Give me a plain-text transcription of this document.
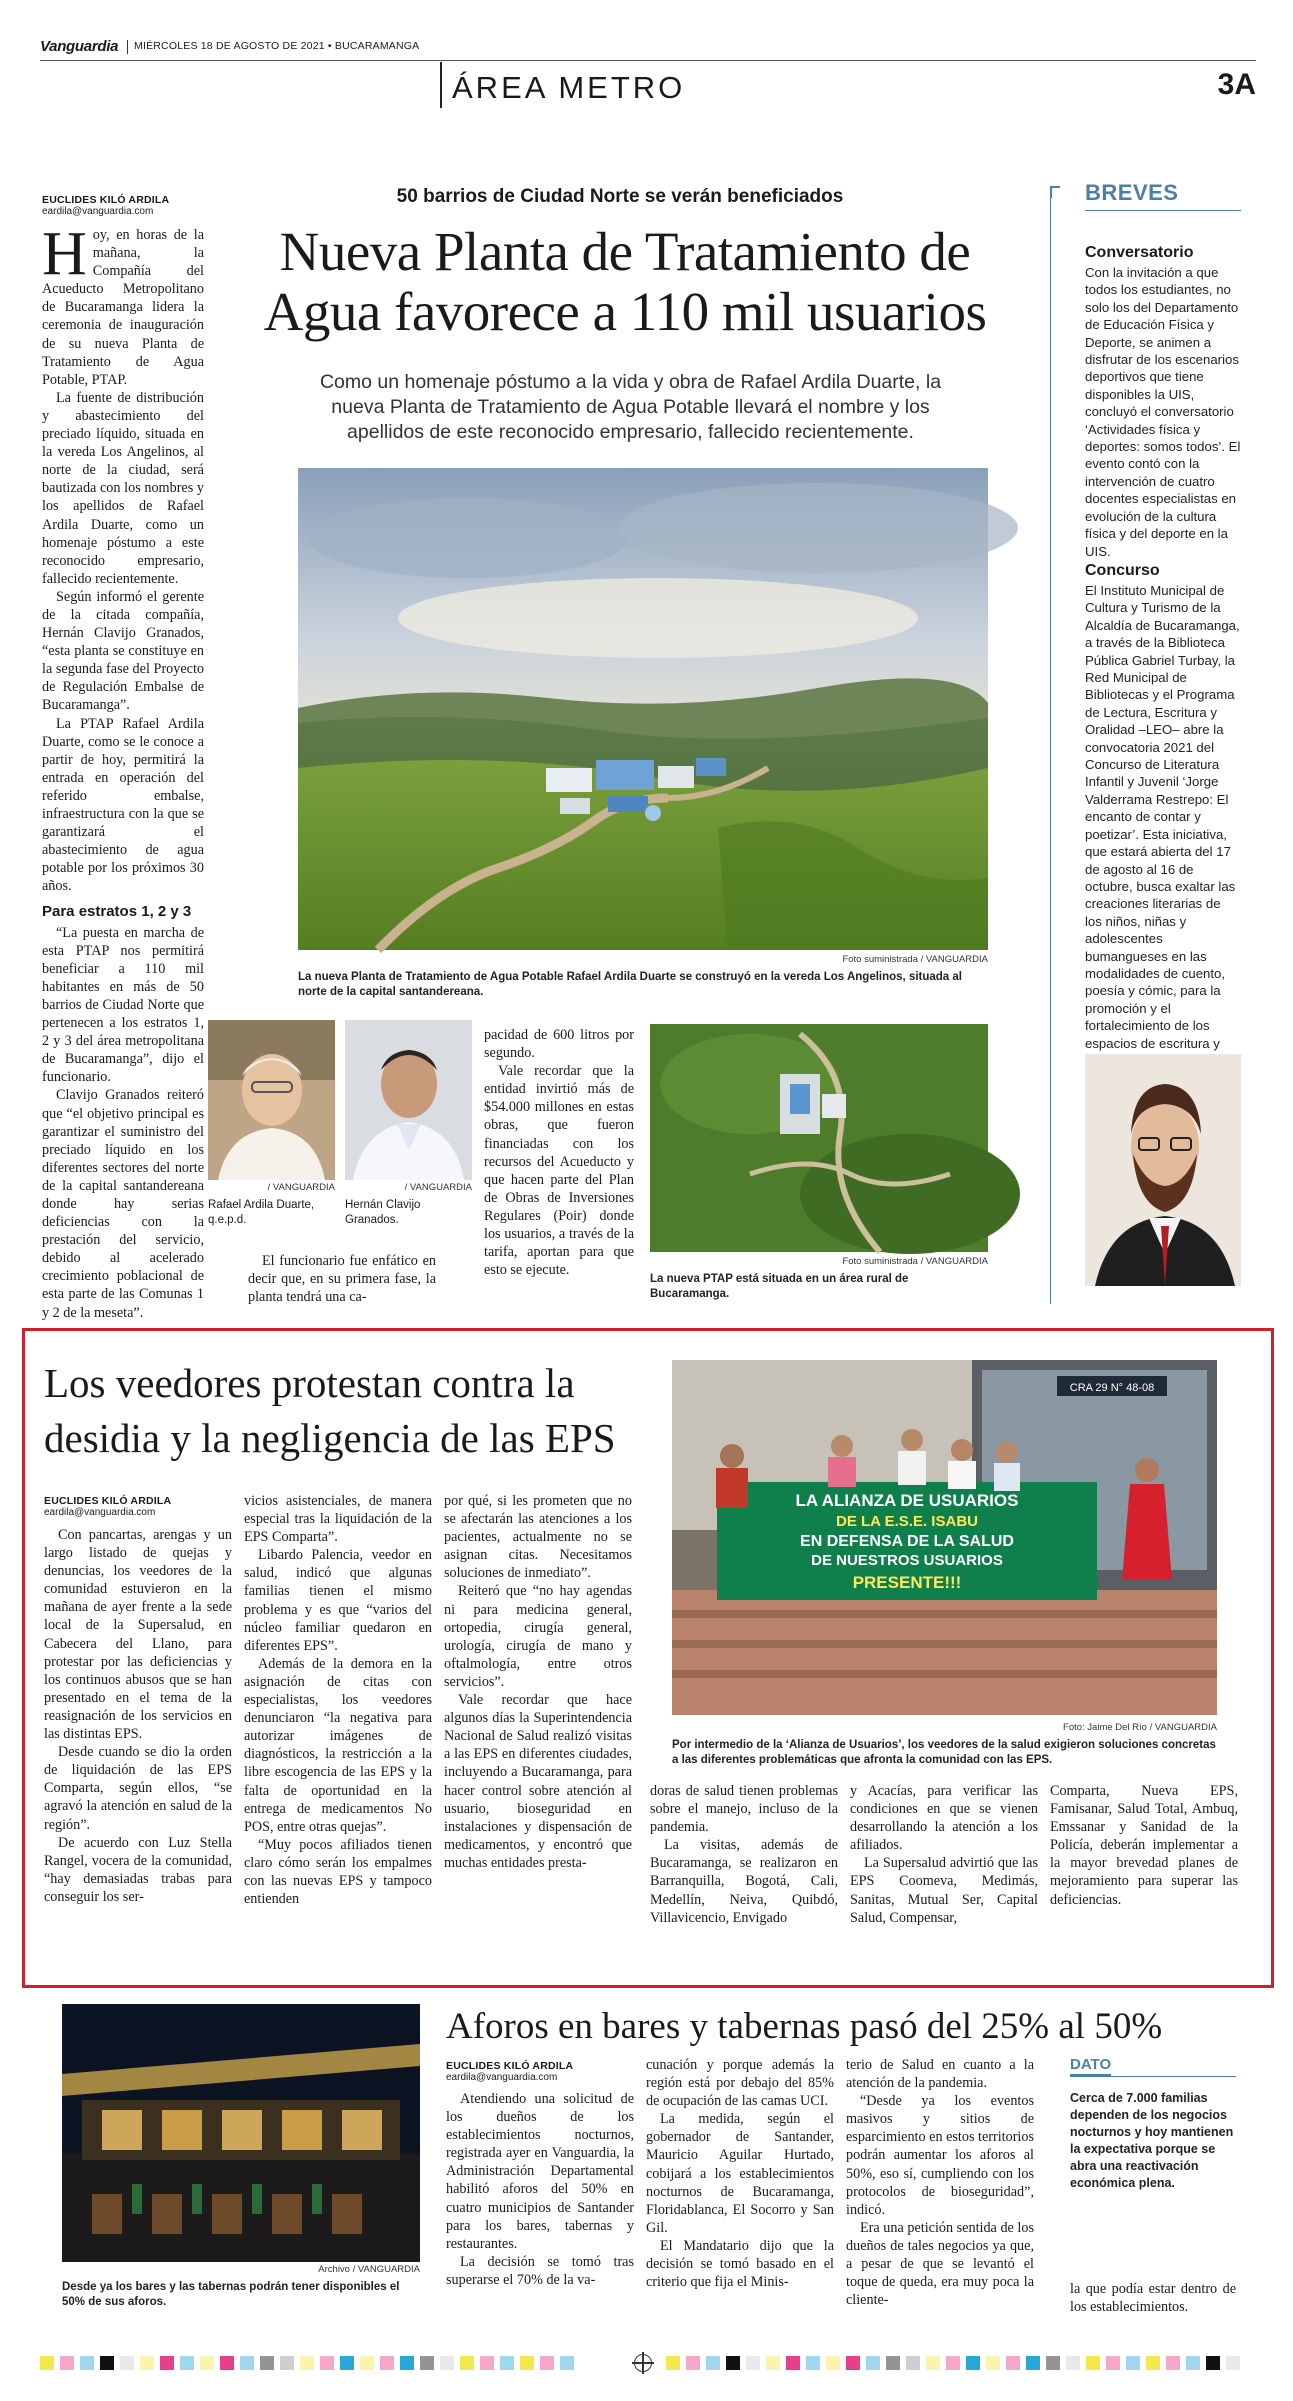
Vanguardia MIÉRCOLES 18 DE AGOSTO DE 2021 • BUCARAMANGA
ÁREA METRO	3A
EUCLIDES KILÓ ARDILA
eardila@vanguardia.com
H oy, en horas de la mañana, la Compañía del Acueducto Metropolitano de Bucaramanga lidera la ceremonia de inauguración de su nueva Planta de Tratamiento de Agua Potable, PTAP.

La fuente de distribución y abastecimiento del preciado líquido, situada en la vereda Los Angelinos, al norte de la ciudad, será bautizada con los nombres y los apellidos de Rafael Ardila Duarte, como un homenaje póstumo a este reconocido empresario, fallecido recientemente.

Según informó el gerente de la citada compañía, Hernán Clavijo Granados, “esta planta se constituye en la segunda fase del Proyecto de Regulación Embalse de Bucaramanga”.

La PTAP Rafael Ardila Duarte, como se le conoce a partir de hoy, permitirá la entrada en operación del referido embalse, infraestructura con la que se garantizará el abastecimiento de agua potable por los próximos 30 años.

Para estratos 1, 2 y 3

“La puesta en marcha de esta PTAP nos permitirá beneficiar a 110 mil habitantes en más de 50 barrios de Ciudad Norte que pertenecen a los estratos 1, 2 y 3 del área metropolitana de Bucaramanga”, dijo el funcionario.

Clavijo Granados reiteró que “el objetivo principal es garantizar el suministro del preciado líquido en los diferentes sectores del norte de la capital santandereana donde hay serias deficiencias con la prestación del servicio, debido al acelerado crecimiento poblacional de esta parte de las Comunas 1 y 2 de la meseta”.

50 barrios de Ciudad Norte se verán beneficiados
Nueva Planta de Tratamiento de
Agua favorece a 110 mil usuarios
Como un homenaje póstumo a la vida y obra de Rafael Ardila Duarte, la nueva Planta de Tratamiento de Agua Potable llevará el nombre y los apellidos de este reconocido empresario, fallecido recientemente.
Foto suministrada / VANGUARDIA
La nueva Planta de Tratamiento de Agua Potable Rafael Ardila Duarte se construyó en la vereda Los Angelinos, situada al norte de la capital santandereana.
/ VANGUARDIA
Rafael Ardila Duarte, q.e.p.d.
/ VANGUARDIA
Hernán Clavijo Granados.

El funcionario fue enfático en decir que, en su primera fase, la planta tendrá una ca-

pacidad de 600 litros por segundo.

Vale recordar que la entidad invirtió más de $54.000 millones en estas obras, que fueron financiadas con los recursos del Acueducto y que hacen parte del Plan de Obras de Inversiones Regulares (Poir) donde los usuarios, a través de la tarifa, aportan para que esto se ejecute.

Foto suministrada / VANGUARDIA
La nueva PTAP está situada en un área rural de Bucaramanga.
BREVES
Conversatorio
Con la invitación a que todos los estudiantes, no solo los del Departamento de Educación Física y Deporte, se animen a disfrutar de los escenarios deportivos que tiene disponibles la UIS, concluyó el conversatorio ‘Actividades física y deportes: somos todos’. El evento contó con la intervención de cuatro docentes especialistas en evolución de la cultura física y del deporte en la UIS.
Concurso
El Instituto Municipal de Cultura y Turismo de la Alcaldía de Bucaramanga, a través de la Biblioteca Pública Gabriel Turbay, la Red Municipal de Bibliotecas y el Programa de Lectura, Escritura y Oralidad –LEO– abre la convocatoria 2021 del Concurso de Literatura Infantil y Juvenil ‘Jorge Valderrama Restrepo: El encanto de contar y poetizar’. Esta iniciativa, que estará abierta del 17 de agosto al 16 de octubre, busca exaltar las creaciones literarias de los niños, niñas y adolescentes bumangueses en las modalidades de cuento, poesía y cómic, para la promoción y el fortalecimiento de los espacios de escritura y
Los veedores protestan contra la
desidia y la negligencia de las EPS
EUCLIDES KILÓ ARDILA
eardila@vanguardia.com

Con pancartas, arengas y un largo listado de quejas y denuncias, los veedores de la comunidad estuvieron en la mañana de ayer frente a la sede local de la Supersalud, en Cabecera del Llano, para protestar por las deficiencias y los continuos abusos que se han presentado en el tema de la reasignación de los servicios en las distintas EPS.

Desde cuando se dio la orden de liquidación de las EPS Comparta, según ellos, “se agravó la atención en salud de la región”.

De acuerdo con Luz Stella Rangel, vocera de la comunidad, “hay demasiadas trabas para conseguir los ser-

vicios asistenciales, de manera especial tras la liquidación de la EPS Comparta”.

Libardo Palencia, veedor en salud, indicó que algunas familias tienen el mismo problema y es que “varios del núcleo familiar quedaron en diferentes EPS”.

Además de la demora en la asignación de citas con especialistas, los veedores denunciaron “la negativa para autorizar imágenes de diagnósticos, la restricción a la libre escogencia de las EPS y la falta de oportunidad en la entrega de medicamentos No POS, entre otras quejas”.

“Muy pocos afiliados tienen claro cómo serán los empalmes con las nuevas EPS y tampoco entienden

por qué, si les prometen que no se afectarán las atenciones a los pacientes, actualmente no se asignan citas. Necesitamos soluciones de inmediato”.

Reiteró que “no hay agendas ni para medicina general, ortopedia, cirugía general, urología, cirugía de mano y oftalmología, entre otros servicios”.

Vale recordar que hace algunos días la Superintendencia Nacional de Salud realizó visitas a las EPS en diferentes ciudades, incluyendo a Bucaramanga, para hacer control sobre atención al usuario, bioseguridad en instalaciones y dispensación de medicamentos, y encontró que muchas entidades presta-

CRA 29 N° 48-08
LA ALIANZA DE USUARIOS
DE LA E.S.E. ISABU
EN DEFENSA DE LA SALUD
DE NUESTROS USUARIOS
PRESENTE!!!
Foto: Jaime Del Río / VANGUARDIA
Por intermedio de la ‘Alianza de Usuarios’, los veedores de la salud exigieron soluciones concretas a las diferentes problemáticas que afronta la comunidad con las EPS.

doras de salud tienen problemas sobre el manejo, incluso de la pandemia.

La visitas, además de Bucaramanga, se realizaron en Barranquilla, Bogotá, Cali, Medellín, Neiva, Quibdó, Villavicencio, Envigado

y Acacías, para verificar las condiciones en que se vienen desarrollando la atención a los afiliados.

La Supersalud advirtió que las EPS Coomeva, Medimás, Sanitas, Mutual Ser, Capital Salud, Compensar,

Comparta, Nueva EPS, Famisanar, Salud Total, Ambuq, Emssanar y Sanidad de la Policía, deberán implementar a la mayor brevedad planes de mejoramiento para superar las deficiencias.

Archivo / VANGUARDIA
Desde ya los bares y las tabernas podrán tener disponibles el 50% de sus aforos.
Aforos en bares y tabernas pasó del 25% al 50%
EUCLIDES KILÓ ARDILA
eardila@vanguardia.com

Atendiendo una solicitud de los dueños de los establecimientos nocturnos, registrada ayer en Vanguardia, la Administración Departamental habilitó aforos del 50% en cuatro municipios de Santander para los bares, tabernas y restaurantes.

La decisión se tomó tras superarse el 70% de la va-

cunación y porque además la región está por debajo del 85% de ocupación de las camas UCI.

La medida, según el gobernador de Santander, Mauricio Aguilar Hurtado, cobijará a los establecimientos nocturnos de Bucaramanga, Floridablanca, El Socorro y San Gil.

El Mandatario dijo que la decisión se tomó basado en el criterio que fija el Minis-

terio de Salud en cuanto a la atención de la pandemia.

“Desde ya los eventos masivos y sitios de esparcimiento en estos territorios podrán aumentar los aforos al 50%, eso sí, cumpliendo con los protocolos de bioseguridad”, indicó.

Era una petición sentida de los dueños de tales negocios ya que, a pesar de que se levantó el toque de queda, era muy poca la cliente-

DATO
Cerca de 7.000 familias dependen de los negocios nocturnos y hoy mantienen la expectativa porque se abra una reactivación económica plena.

la que podía estar dentro de los establecimientos.
